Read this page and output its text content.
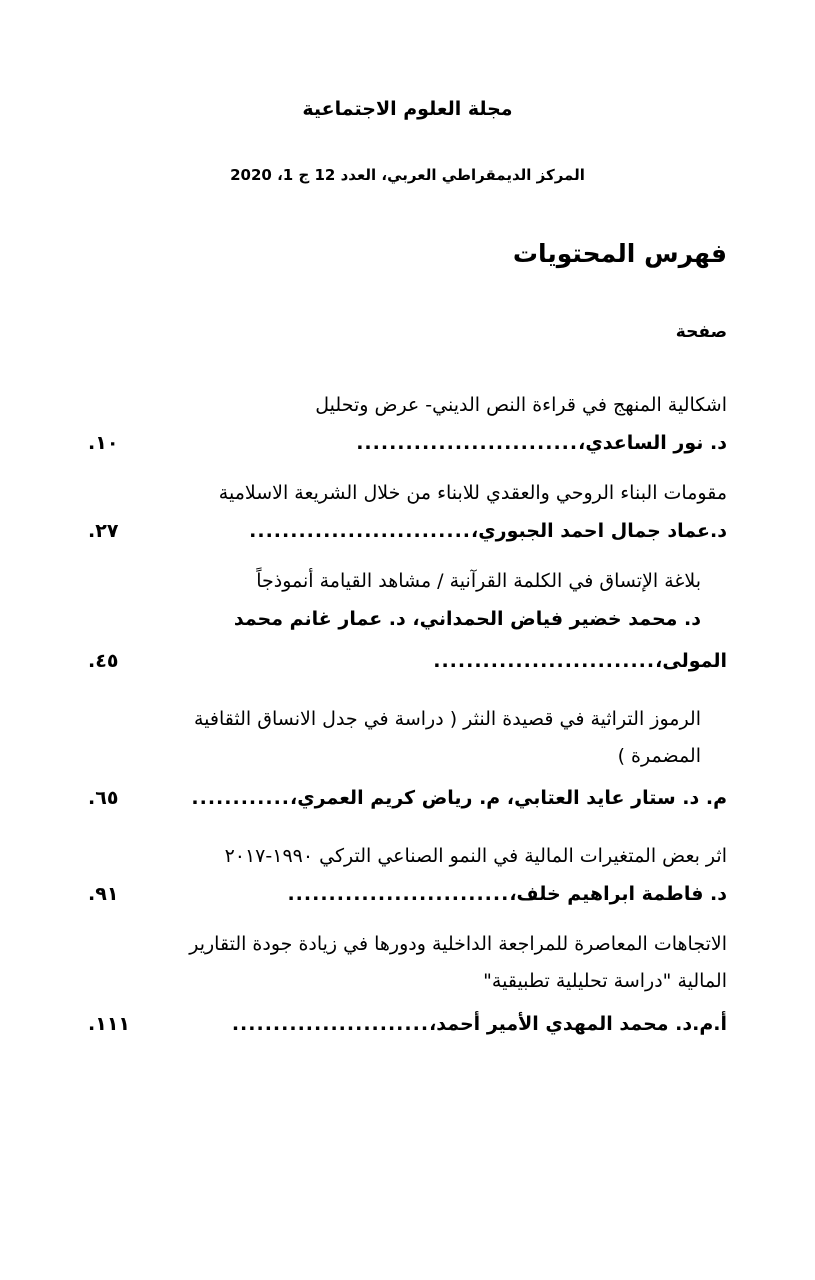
مجلة العلوم الاجتماعية
المركز الديمقراطي العربي، العدد 12 ج 1، 2020
فهرس المحتويات
صفحة
اشكالية المنهج في قراءة النص الديني- عرض وتحليل
د. نور الساعدي،
...........................
١٠.
مقومات البناء الروحي والعقدي للابناء من خلال الشريعة الاسلامية
د.عماد جمال احمد الجبوري،
...........................
٢٧.
بلاغة الإتساق في الكلمة القرآنية / مشاهد القيامة أنموذجاً
د. محمد خضير فياض الحمداني، د. عمار غانم محمد
المولى،
...........................
٤٥.
الرموز التراثية في قصيدة النثر ( دراسة في جدل الانساق الثقافية
المضمرة )
م. د. ستار عايد العتابي، م. رياض كريم العمري،
............
٦٥.
اثر بعض المتغيرات المالية في النمو الصناعي التركي ١٩٩٠-٢٠١٧
د. فاطمة ابراهيم خلف،
...........................
٩١.
الاتجاهات المعاصرة للمراجعة الداخلية ودورها في زيادة جودة التقارير
المالية "دراسة تحليلية تطبيقية"
أ.م.د. محمد المهدي الأمير أحمد،
........................
١١١.
